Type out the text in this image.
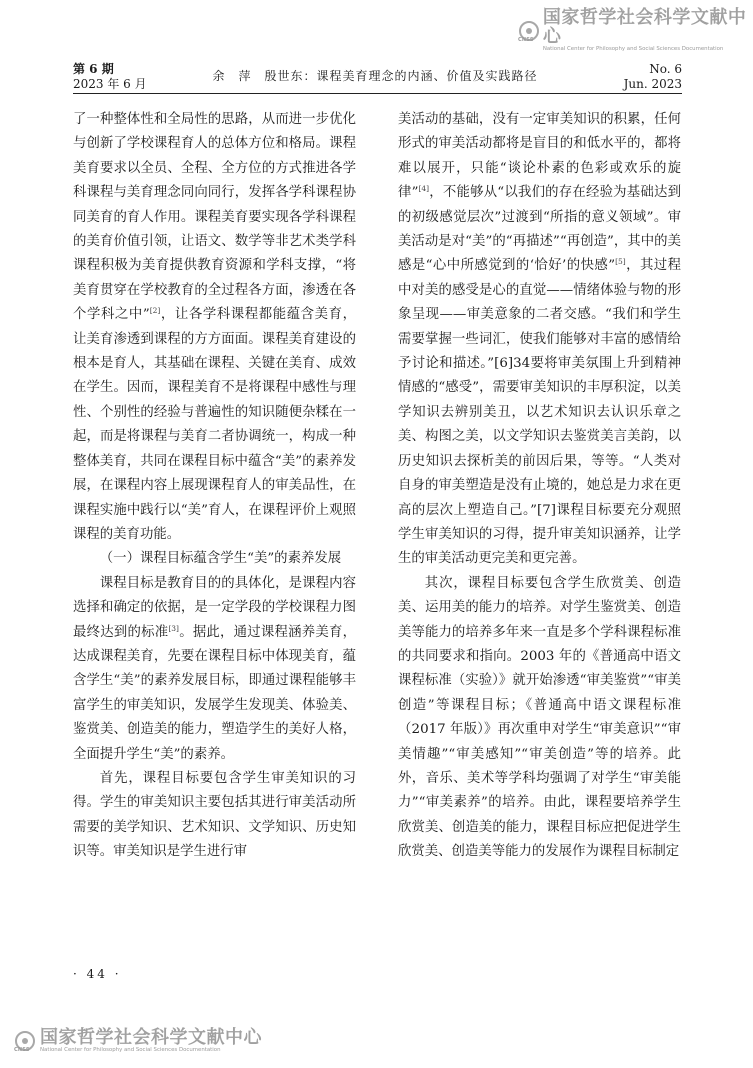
CNSS
国家哲学社会科学文献中心
National Center for Philosophy and Social Sciences Documentation
第 6 期
2023 年 6 月
余　萍　殷世东：课程美育理念的内涵、价值及实践路径	No. 6
Jun. 2023

了一种整体性和全局性的思路，从而进一步优化与创新了学校课程育人的总体方位和格局。课程美育要求以全员、全程、全方位的方式推进各学科课程与美育理念同向同行，发挥各学科课程协同美育的育人作用。课程美育要实现各学科课程的美育价值引领，让语文、数学等非艺术类学科课程积极为美育提供教育资源和学科支撑，“将美育贯穿在学校教育的全过程各方面，渗透在各个学科之中”[2]，让各学科课程都能蕴含美育，让美育渗透到课程的方方面面。课程美育建设的根本是育人，其基础在课程、关键在美育、成效在学生。因而，课程美育不是将课程中感性与理性、个别性的经验与普遍性的知识随便杂糅在一起，而是将课程与美育二者协调统一，构成一种整体美育，共同在课程目标中蕴含“美”的素养发展，在课程内容上展现课程育人的审美品性，在课程实施中践行以“美”育人，在课程评价上观照课程的美育功能。

（一）课程目标蕴含学生“美”的素养发展

课程目标是教育目的的具体化，是课程内容选择和确定的依据，是一定学段的学校课程力图最终达到的标准[3]。据此，通过课程涵养美育，达成课程美育，先要在课程目标中体现美育，蕴含学生“美”的素养发展目标，即通过课程能够丰富学生的审美知识，发展学生发现美、体验美、鉴赏美、创造美的能力，塑造学生的美好人格，全面提升学生“美”的素养。

首先，课程目标要包含学生审美知识的习得。学生的审美知识主要包括其进行审美活动所需要的美学知识、艺术知识、文学知识、历史知识等。审美知识是学生进行审

美活动的基础，没有一定审美知识的积累，任何形式的审美活动都将是盲目的和低水平的，都将难以展开，只能“谈论朴素的色彩或欢乐的旋律”[4]，不能够从“以我们的存在经验为基础达到的初级感觉层次”过渡到“所指的意义领域”。审美活动是对“美”的“再描述”“再创造”，其中的美感是“心中所感觉到的‘恰好’的快感”[5]，其过程中对美的感受是心的直觉——情绪体验与物的形象呈现——审美意象的二者交感。“我们和学生需要掌握一些词汇，使我们能够对丰富的感情给予讨论和描述。”[6]34要将审美氛围上升到精神情感的“感受”，需要审美知识的丰厚积淀，以美学知识去辨别美丑，以艺术知识去认识乐章之美、构图之美，以文学知识去鉴赏美言美韵，以历史知识去探析美的前因后果，等等。“人类对自身的审美塑造是没有止境的，她总是力求在更高的层次上塑造自己。”[7]课程目标要充分观照学生审美知识的习得，提升审美知识涵养，让学生的审美活动更完美和更完善。

其次，课程目标要包含学生欣赏美、创造美、运用美的能力的培养。对学生鉴赏美、创造美等能力的培养多年来一直是多个学科课程标准的共同要求和指向。2003 年的《普通高中语文课程标准（实验）》就开始渗透“审美鉴赏”“审美创造”等课程目标；《普通高中语文课程标准（2017 年版）》再次重申对学生“审美意识”“审美情趣”“审美感知”“审美创造”等的培养。此外，音乐、美术等学科均强调了对学生“审美能力”“审美素养”的培养。由此，课程要培养学生欣赏美、创造美的能力，课程目标应把促进学生欣赏美、创造美等能力的发展作为课程目标制定

· 44 ·
CNSS
国家哲学社会科学文献中心
National Center for Philosophy and Social Sciences Documentation
